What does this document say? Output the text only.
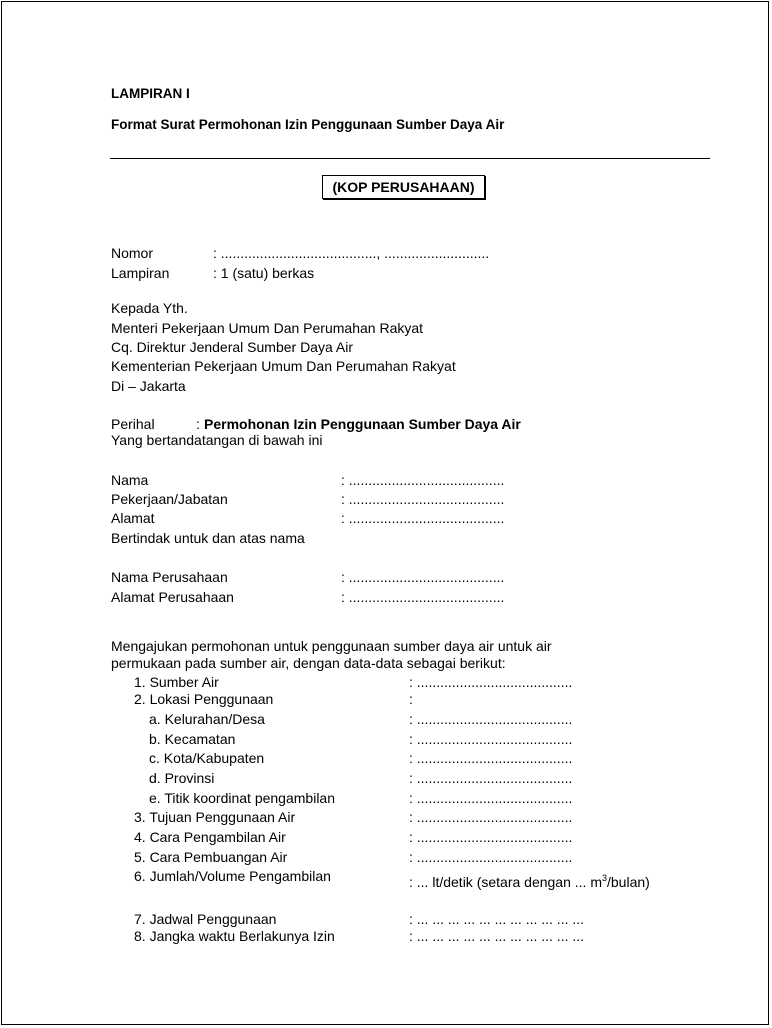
LAMPIRAN I
Format Surat Permohonan Izin Penggunaan Sumber Daya Air
(KOP PERUSAHAAN)
Nomor	: ........................................, ...........................
Lampiran	: 1 (satu) berkas
Kepada Yth.
Menteri Pekerjaan Umum Dan Perumahan Rakyat
Cq. Direktur Jenderal Sumber Daya Air
Kementerian Pekerjaan Umum Dan Perumahan Rakyat
Di – Jakarta
Perihal	: Permohonan Izin Penggunaan Sumber Daya Air
Yang bertandatangan di bawah ini
Nama	: ........................................
Pekerjaan/Jabatan	: ........................................
Alamat	: ........................................
Bertindak untuk dan atas nama
Nama Perusahaan	: ........................................
Alamat Perusahaan	: ........................................
Mengajukan permohonan untuk penggunaan sumber daya air untuk air
permukaan pada sumber air, dengan data-data sebagai berikut:
1. Sumber Air	: ........................................
2. Lokasi Penggunaan	:
a. Kelurahan/Desa	: ........................................
b. Kecamatan	: ........................................
c. Kota/Kabupaten	: ........................................
d. Provinsi	: ........................................
e. Titik koordinat pengambilan	: ........................................
3. Tujuan Penggunaan Air	: ........................................
4. Cara Pengambilan Air	: ........................................
5. Cara Pembuangan Air	: ........................................
6. Jumlah/Volume Pengambilan	: ... lt/detik (setara dengan ... $m^3/bulan$)
7. Jadwal Penggunaan	: ... ... ... ... ... ... ... ... ... ... ...
8. Jangka waktu Berlakunya Izin	: ... ... ... ... ... ... ... ... ... ... ...
